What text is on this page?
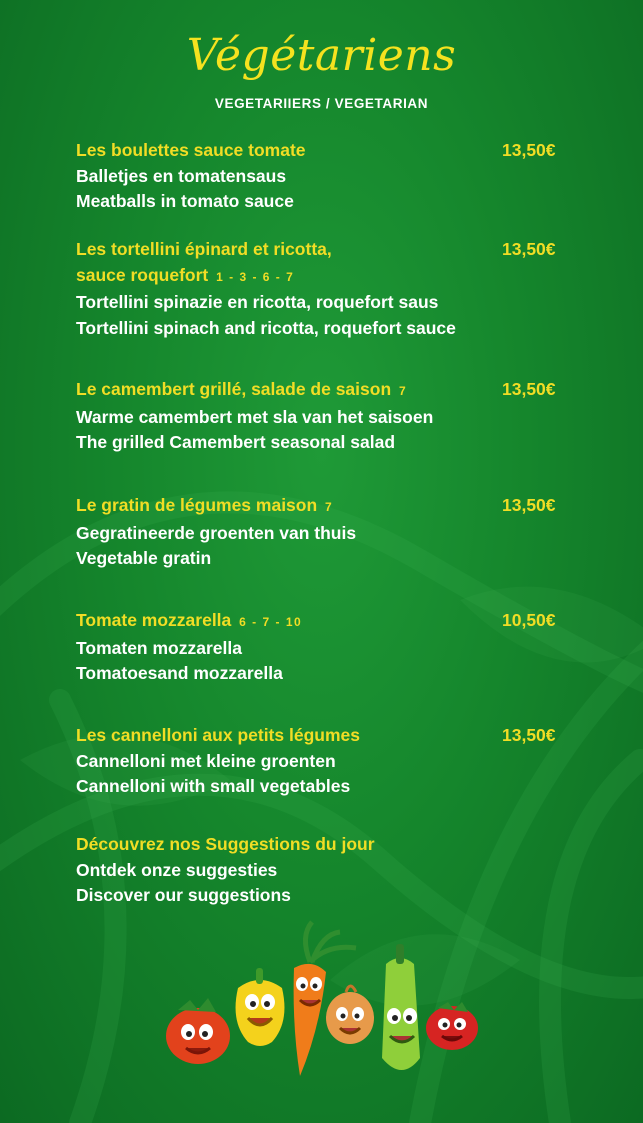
Végétariens
VEGETARIIERS / VEGETARIAN
Les boulettes sauce tomate
Balletjes en tomatensaus
Meatballs in tomato sauce
13,50€
Les tortellini épinard et ricotta,
sauce roquefort 1 - 3 - 6 - 7
Tortellini spinazie en ricotta, roquefort saus
Tortellini spinach and ricotta, roquefort sauce
13,50€
Le camembert grillé, salade de saison 7
Warme camembert met sla van het saisoen
The grilled Camembert seasonal salad
13,50€
Le gratin de légumes maison 7
Gegratineerde groenten van thuis
Vegetable gratin
13,50€
Tomate mozzarella 6 - 7 - 10
Tomaten mozzarella
Tomatoesand mozzarella
10,50€
Les cannelloni aux petits légumes
Cannelloni met kleine groenten
Cannelloni with small vegetables
13,50€
Découvrez nos Suggestions du jour
Ontdek onze suggesties
Discover our suggestions
